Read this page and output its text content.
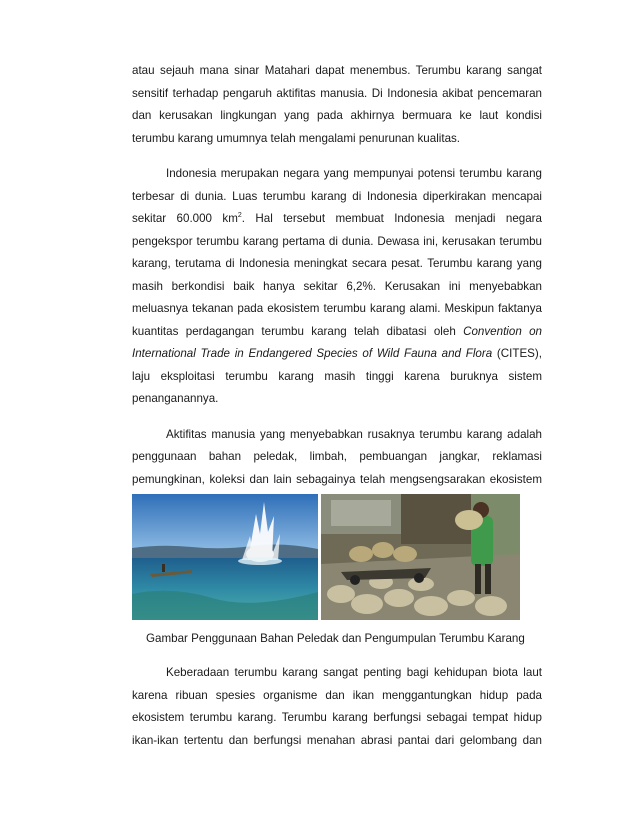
atau sejauh mana sinar Matahari dapat menembus. Terumbu karang sangat
sensitif terhadap pengaruh aktifitas manusia. Di Indonesia akibat pencemaran
dan kerusakan lingkungan yang pada akhirnya bermuara ke laut kondisi
terumbu karang umumnya telah mengalami penurunan kualitas.

Indonesia merupakan negara yang mempunyai potensi terumbu karang
terbesar di dunia. Luas terumbu karang di Indonesia diperkirakan mencapai
sekitar 60.000 $km^2$. Hal tersebut membuat Indonesia menjadi negara
pengekspor terumbu karang pertama di dunia. Dewasa ini, kerusakan terumbu
karang, terutama di Indonesia meningkat secara pesat. Terumbu karang yang
masih berkondisi baik hanya sekitar 6,2%. Kerusakan ini menyebabkan
meluasnya tekanan pada ekosistem terumbu karang alami. Meskipun faktanya
kuantitas perdagangan terumbu karang telah dibatasi oleh Convention on
International Trade in Endangered Species of Wild Fauna and Flora (CITES),
laju eksploitasi terumbu karang masih tinggi karena buruknya sistem
penanganannya.

Aktifitas manusia yang menyebabkan rusaknya terumbu karang adalah
penggunaan bahan peledak, limbah, pembuangan jangkar, reklamasi
pemungkinan, koleksi dan lain sebagainya telah mengsengsarakan ekosistem

Gambar Penggunaan Bahan Peledak dan Pengumpulan Terumbu Karang

Keberadaan terumbu karang sangat penting bagi kehidupan biota laut
karena ribuan spesies organisme dan ikan menggantungkan hidup pada
ekosistem terumbu karang. Terumbu karang berfungsi sebagai tempat hidup
ikan-ikan tertentu dan berfungsi menahan abrasi pantai dari gelombang dan
